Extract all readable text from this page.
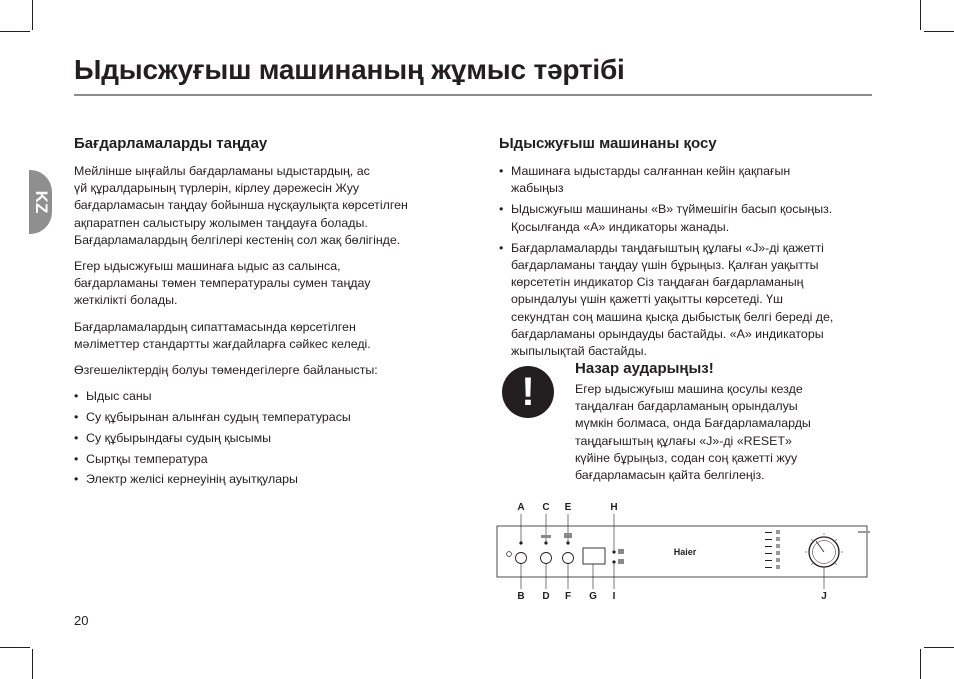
Ыдысжуғыш машинаның жұмыс тәртібі
KZ
Бағдарламаларды таңдау

Мейлінше ыңғайлы бағдарламаны ыдыстардың, ас
үй құралдарының түрлерін, кірлеу дәрежесін Жуу
бағдарламасын таңдау бойынша нұсқаулықта көрсетілген
ақпаратпен салыстыру жолымен таңдауға болады.
Бағдарламалардың белгілері кестенің сол жақ бөлігінде.

Егер ыдысжуғыш машинаға ыдыс аз салынса,
бағдарламаны төмен температуралы сумен таңдау
жеткілікті болады.

Бағдарламалардың сипаттамасында көрсетілген
мәліметтер стандартты жағдайларға сәйкес келеді.

Өзгешеліктердің болуы төмендегілерге байланысты:

• Ыдыс саны
• Су құбырынан алынған судың температурасы
• Су құбырындағы судың қысымы
• Сыртқы температура
• Электр желісі кернеуінің ауытқулары
Ыдысжуғыш машинаны қосу
• Машинаға ыдыстарды салғаннан кейін қақпағын
жабыңыз
• Ыдысжуғыш машинаны «В» түймешігін басып қосыңыз.
Қосылғанда «А» индикаторы жанады.
• Бағдарламаларды таңдағыштың құлағы «J»-ді қажетті
бағдарламаны таңдау үшін бұрыңыз. Қалған уақытты
көрсететін индикатор Сіз таңдаған бағдарламаның
орындалуы үшін қажетті уақытты көрсетеді. Үш
секундтан соң машина қысқа дыбыстық белгі береді де,
бағдарламаны орындауды бастайды. «А» индикаторы
жыпылықтай бастайды.
!
Назар аударыңыз!
Егер ыдысжуғыш машина қосулы кезде
таңдалған бағдарламаның орындалуы
мүмкін болмаса, онда Бағдарламаларды
таңдағыштың құлағы «J»-ді «RESET»
күйіне бұрыңыз, содан соң қажетті жуу
бағдарламасын қайта белгілеңіз.
A C E	H
Haier
B D F G I	J
20
